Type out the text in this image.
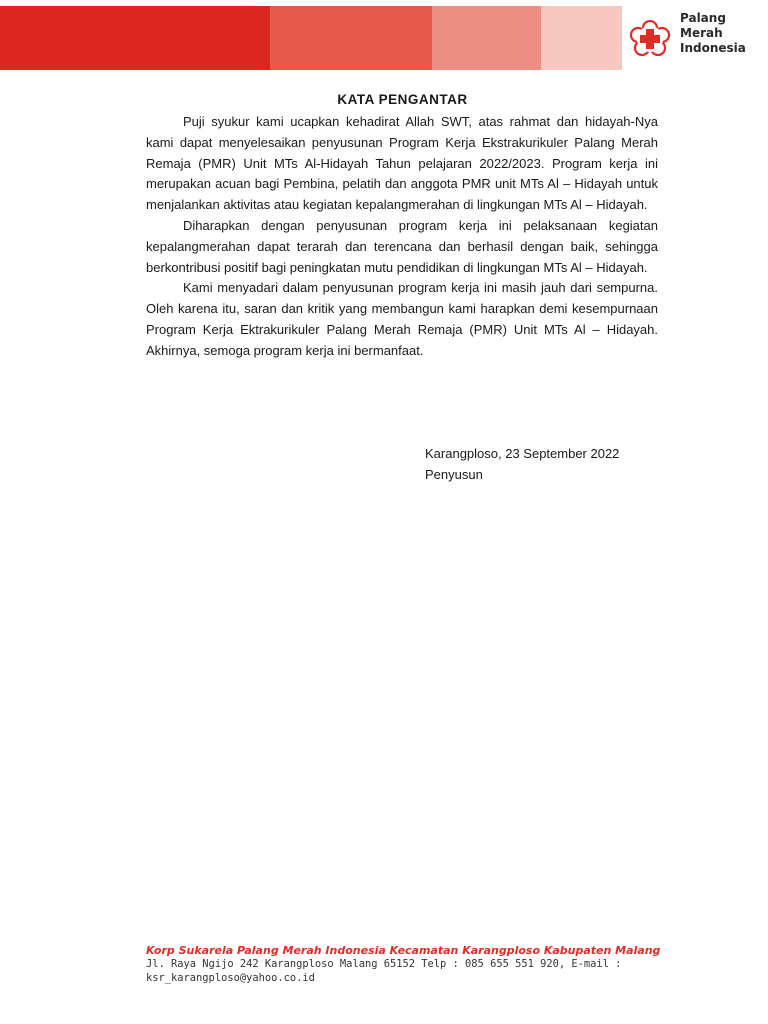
Palang
Merah
Indonesia
KATA PENGANTAR

Puji syukur kami ucapkan kehadirat Allah SWT, atas rahmat dan hidayah-Nya kami dapat menyelesaikan penyusunan Program Kerja Ekstrakurikuler Palang Merah Remaja (PMR) Unit MTs Al-Hidayah Tahun pelajaran 2022/2023. Program kerja ini merupakan acuan bagi Pembina, pelatih dan anggota PMR unit MTs Al – Hidayah untuk menjalankan aktivitas atau kegiatan kepalangmerahan di lingkungan MTs Al – Hidayah.

Diharapkan dengan penyusunan program kerja ini pelaksanaan kegiatan kepalangmerahan dapat terarah dan terencana dan berhasil dengan baik, sehingga berkontribusi positif bagi peningkatan mutu pendidikan di lingkungan MTs Al – Hidayah.

Kami menyadari dalam penyusunan program kerja ini masih jauh dari sempurna. Oleh karena itu, saran dan kritik yang membangun kami harapkan demi kesempurnaan Program Kerja Ektrakurikuler Palang Merah Remaja (PMR) Unit MTs Al – Hidayah. Akhirnya, semoga program kerja ini bermanfaat.

Karangploso, 23 September 2022
Penyusun
Korp Sukarela Palang Merah Indonesia Kecamatan Karangploso Kabupaten Malang
Jl. Raya Ngijo 242 Karangploso Malang 65152 Telp : 085 655 551 920, E-mail : ksr_karangploso@yahoo.co.id
